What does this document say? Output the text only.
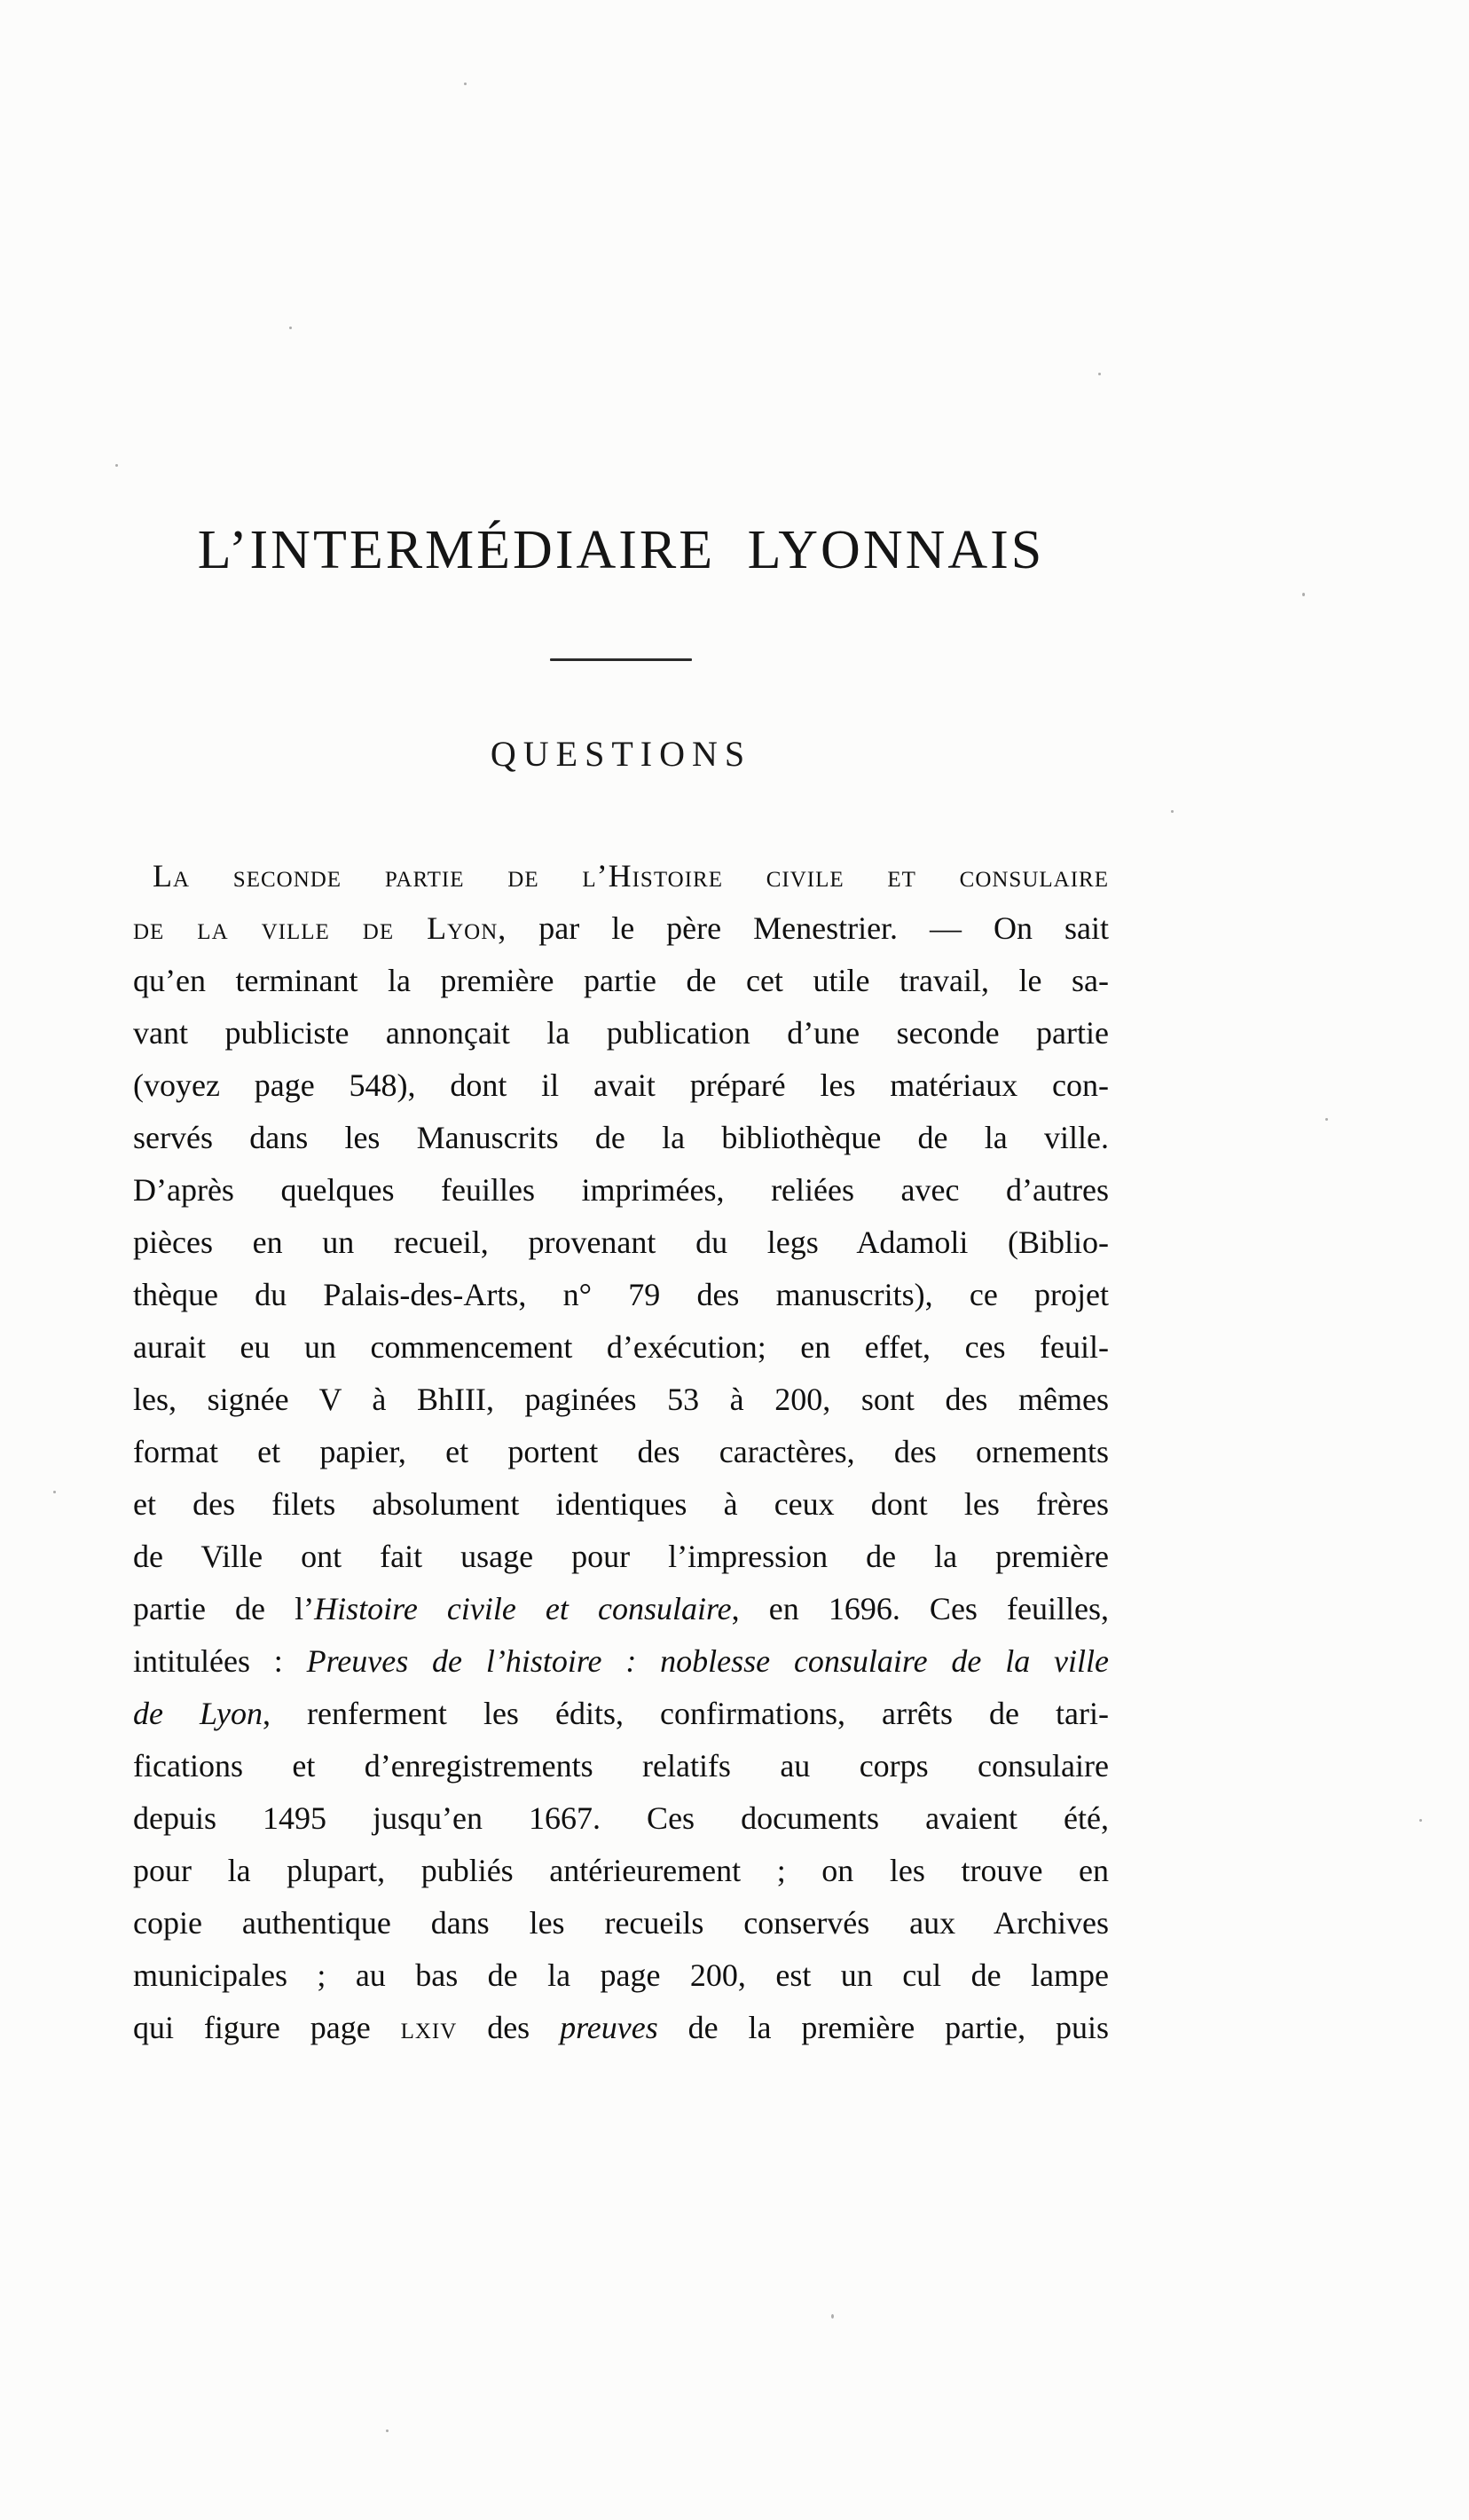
L’INTERMÉDIAIRE LYONNAIS
QUESTIONS
La seconde partie de l’Histoire civile et consulaire
de la ville de Lyon, par le père Menestrier. — On sait
qu’en terminant la première partie de cet utile travail, le sa-
vant publiciste annonçait la publication d’une seconde partie
(voyez page 548), dont il avait préparé les matériaux con-
servés dans les Manuscrits de la bibliothèque de la ville.
D’après quelques feuilles imprimées, reliées avec d’autres
pièces en un recueil, provenant du legs Adamoli (Biblio-
thèque du Palais-des-Arts, n° 79 des manuscrits), ce projet
aurait eu un commencement d’exécution; en effet, ces feuil-
les, signée V à BhIII, paginées 53 à 200, sont des mêmes
format et papier, et portent des caractères, des ornements
et des filets absolument identiques à ceux dont les frères
de Ville ont fait usage pour l’impression de la première
partie de l’Histoire civile et consulaire, en 1696. Ces feuilles,
intitulées : Preuves de l’histoire : noblesse consulaire de la ville
de Lyon, renferment les édits, confirmations, arrêts de tari-
fications et d’enregistrements relatifs au corps consulaire
depuis 1495 jusqu’en 1667. Ces documents avaient été,
pour la plupart, publiés antérieurement ; on les trouve en
copie authentique dans les recueils conservés aux Archives
municipales ; au bas de la page 200, est un cul de lampe
qui figure page lxiv des preuves de la première partie, puis
